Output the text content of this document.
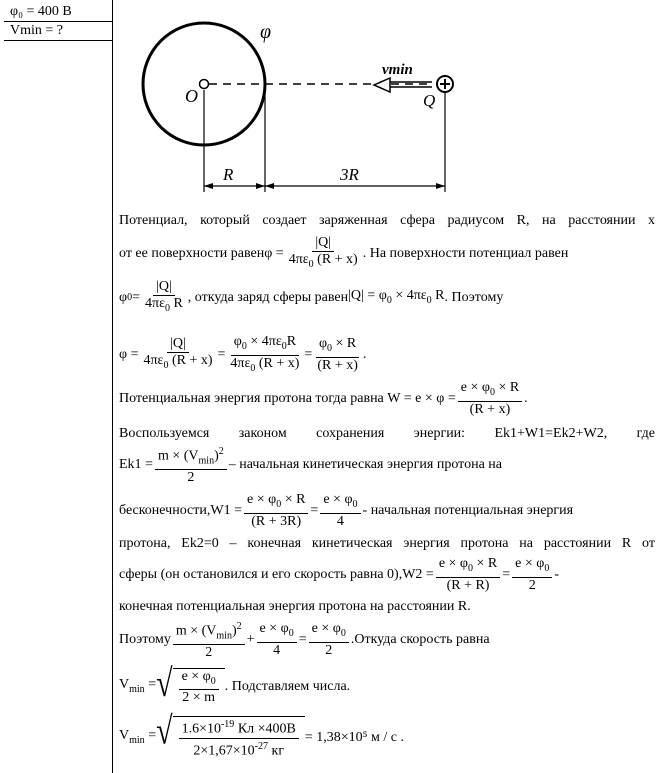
φ₀ = 400 В
Vmin = ?	φ
O
vmin
Q
R	3R
Потенциал, который создает заряженная сфера радиусом R, на расстоянии х
от ее поверхности равен $\varphi = \frac{|Q|}{4\pi\varepsilon_0 (R + x)}$ . На поверхности потенциал равен
φ $0 = \frac{|Q|}{4\pi\varepsilon_0 R}$ , откуда заряд сферы равен $|Q| = \varphi_0 \times 4\pi\varepsilon_0$ R . Поэтому
$\varphi = \frac{|Q|}{4\pi\varepsilon_0 (R + x)} = \frac{\varphi_0 \times 4\pi\varepsilon_0R}{4\pi\varepsilon_0 (R + x)} = \frac{\varphi_0 \times R}{(R + x)}$ .
Потенциальная энергия протона тогда равна $W = e \times \varphi = \frac{e \times \varphi_0 \times R}{(R + x)}$ .
Воспользуемся законом сохранения энергии: Ek1+W1=Ek2+W2, где
$Ek1 = \frac{m \times (V_{min})^2}{2}$ – начальная кинетическая энергия протона на
бесконечности, $W1 = \frac{e \times \varphi_0 \times R}{(R + 3R)} = \frac{e \times \varphi_0}{4}$ - начальная потенциальная энергия
протона, Ek2=0 – конечная кинетическая энергия протона на расстоянии R от
сферы (он остановился и его скорость равна 0), $W2 = \frac{e \times \varphi_0 \times R}{(R + R)} = \frac{e \times \varphi_0}{2}$ -
конечная потенциальная энергия протона на расстоянии R.
Поэтому $\frac{m \times (V_{min})^2}{2} + \frac{e \times \varphi_0}{4} = \frac{e \times \varphi_0}{2}$ . Откуда скорость равна
$V_{min}$ = √ $\frac{e \times \varphi_0}{2 \times m}$ . Подставляем числа.
$V_{min}$ = √ $\frac{1.6\times 10^{-19} Кл \times 400В}{2\times 1,67\times 10^{-27} кг} = 1,38\times 10^5$ м / с .
